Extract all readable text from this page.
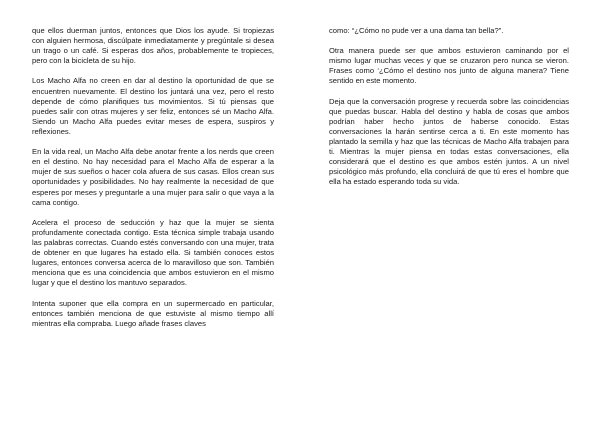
que ellos duerman juntos, entonces que Dios los ayude. Si tropiezas con alguien hermosa, discúlpate inmediatamente y pregúntale si desea un trago o un café. Si esperas dos años, probablemente te tropieces, pero con la bicicleta de su hijo.

Los Macho Alfa no creen en dar al destino la oportunidad de que se encuentren nuevamente. El destino los juntará una vez, pero el resto depende de cómo planifiques tus movimientos. Si tú piensas que puedes salir con otras mujeres y ser feliz, entonces sé un Macho Alfa. Siendo un Macho Alfa puedes evitar meses de espera, suspiros y reflexiones.

En la vida real, un Macho Alfa debe anotar frente a los nerds que creen en el destino. No hay necesidad para el Macho Alfa de esperar a la mujer de sus sueños o hacer cola afuera de sus casas. Ellos crean sus oportunidades y posibilidades. No hay realmente la necesidad de que esperes por meses y preguntarle a una mujer para salir o que vaya a la cama contigo.

Acelera el proceso de seducción y haz que la mujer se sienta profundamente conectada contigo. Esta técnica simple trabaja usando las palabras correctas. Cuando estés conversando con una mujer, trata de obtener en que lugares ha estado ella. Si también conoces estos lugares, entonces conversa acerca de lo maravilloso que son. También menciona que es una coincidencia que ambos estuvieron en el mismo lugar y que el destino los mantuvo separados.

Intenta suponer que ella compra en un supermercado en particular, entonces también menciona de que estuviste al mismo tiempo allí mientras ella compraba. Luego añade frases claves

como: “¿Cómo no pude ver a una dama tan bella?”.

Otra manera puede ser que ambos estuvieron caminando por el mismo lugar muchas veces y que se cruzaron pero nunca se vieron. Frases como ‘¿Cómo el destino nos junto de alguna manera? Tiene sentido en este momento.

Deja que la conversación progrese y recuerda sobre las coincidencias que puedas buscar. Habla del destino y habla de cosas que ambos podrían haber hecho juntos de haberse conocido. Estas conversaciones la harán sentirse cerca a ti. En este momento has plantado la semilla y haz que las técnicas de Macho Alfa trabajen para ti. Mientras la mujer piensa en todas estas conversaciones, ella considerará que el destino es que ambos estén juntos. A un nivel psicológico más profundo, ella concluirá de que tú eres el hombre que ella ha estado esperando toda su vida.
